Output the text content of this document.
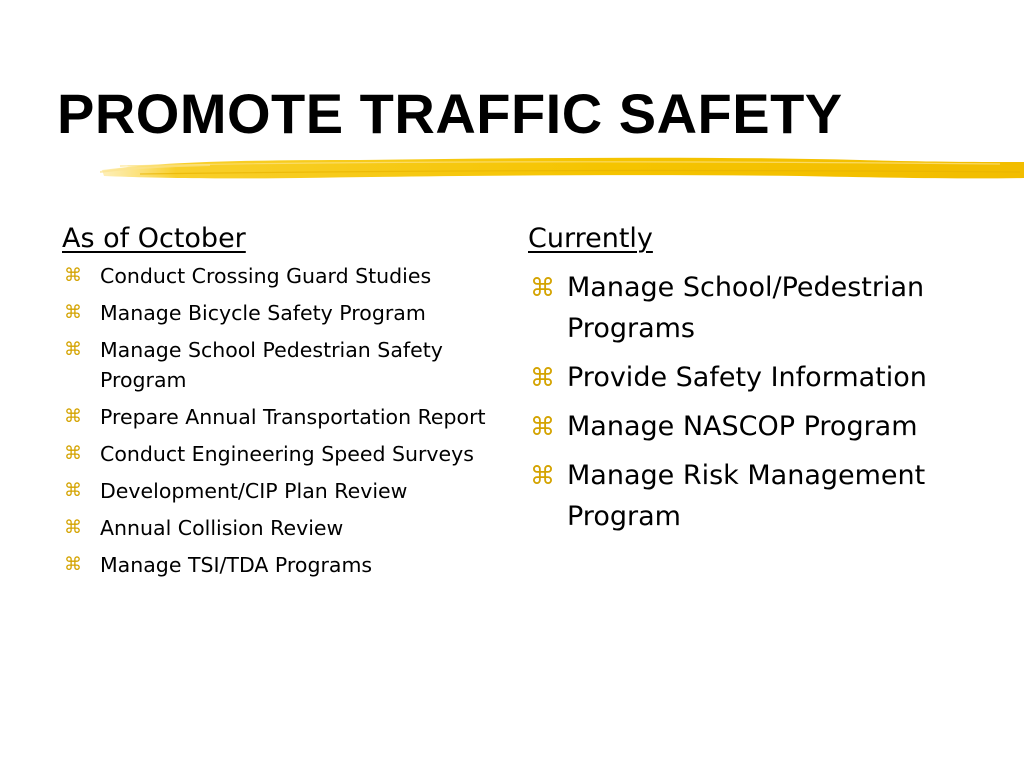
PROMOTE TRAFFIC SAFETY
As of October
⌘ Conduct Crossing Guard Studies
⌘ Manage Bicycle Safety Program
⌘ Manage School Pedestrian Safety Program
⌘ Prepare Annual Transportation Report
⌘ Conduct Engineering Speed Surveys
⌘ Development/CIP Plan Review
⌘ Annual Collision Review
⌘ Manage TSI/TDA Programs
Currently
⌘ Manage School/Pedestrian Programs
⌘ Provide Safety Information
⌘ Manage NASCOP Program
⌘ Manage Risk Management Program
